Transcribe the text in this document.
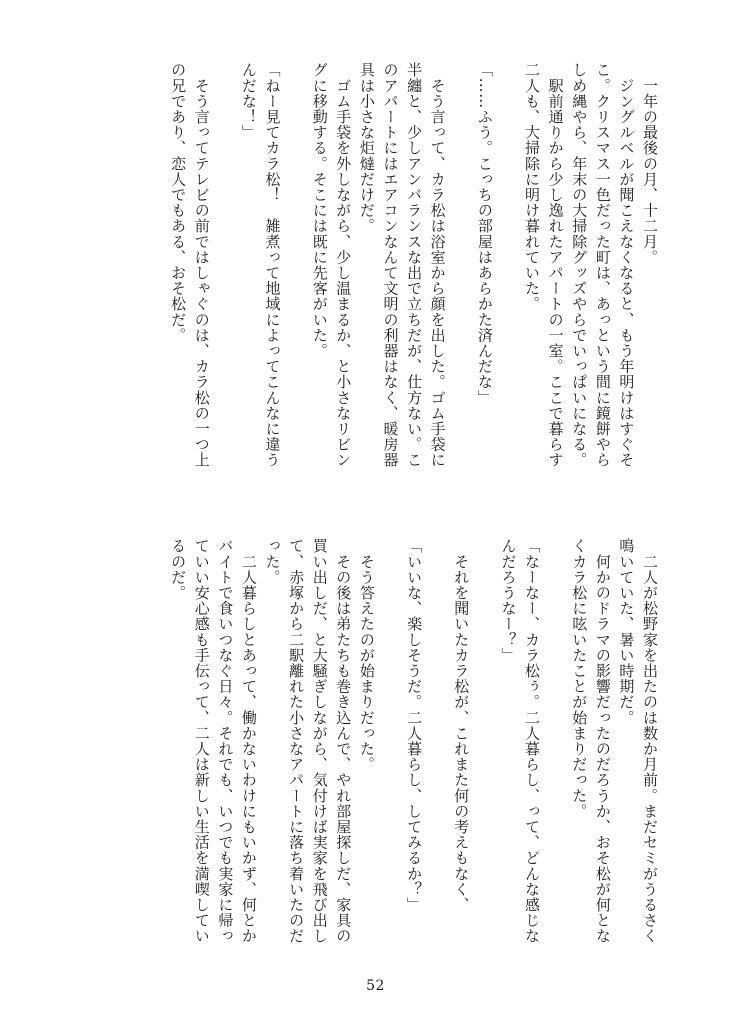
　一年の最後の月、十二月。

　ジングルベルが聞こえなくなると、もう年明けはすぐそ

こ。クリスマス一色だった町は、あっという間に鏡餅やら

しめ縄やら、年末の大掃除グッズやらでいっぱいになる。

　駅前通りから少し逸れたアパートの一室。ここで暮らす

二人も、大掃除に明け暮れていた。

「……ふう。こっちの部屋はあらかた済んだな」

　そう言って、カラ松は浴室から顔を出した。ゴム手袋に

半纏と、少しアンバランスな出で立ちだが、仕方ない。こ

のアパートにはエアコンなんて文明の利器はなく、暖房器

具は小さな炬燵だけだ。

　ゴム手袋を外しながら、少し温まるか、と小さなリビン

グに移動する。そこには既に先客がいた。

「ねー見てカラ松！　雑煮って地域によってこんなに違う

んだな！」

　そう言ってテレビの前ではしゃぐのは、カラ松の一つ上

の兄であり、恋人でもある、おそ松だ。

　二人が松野家を出たのは数か月前。まだセミがうるさく

鳴いていた、暑い時期だ。

　何かのドラマの影響だったのだろうか、おそ松が何とな

くカラ松に呟いたことが始まりだった。

「なーなー、カラ松ぅ。二人暮らし、って、どんな感じな

んだろうなー？」

　それを聞いたカラ松が、これまた何の考えもなく、

「いいな、楽しそうだ。二人暮らし、してみるか？」

　そう答えたのが始まりだった。

　その後は弟たちも巻き込んで、やれ部屋探しだ、家具の

買い出しだ、と大騒ぎしながら、気付けば実家を飛び出し

て、赤塚から二駅離れた小さなアパートに落ち着いたのだ

った。

　二人暮らしとあって、働かないわけにもいかず、何とか

バイトで食いつなぐ日々。それでも、いつでも実家に帰っ

ていい安心感も手伝って、二人は新しい生活を満喫してい

るのだ。

52
